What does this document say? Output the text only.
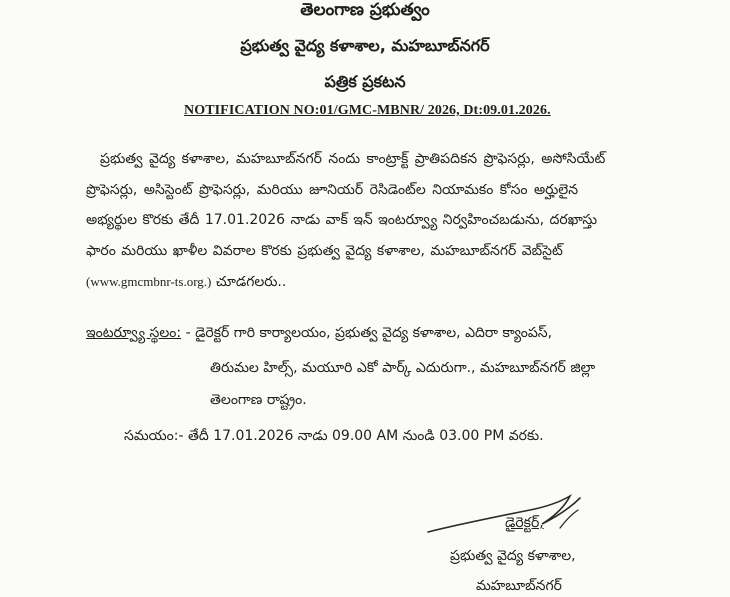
తెలంగాణ ప్రభుత్వం
ప్రభుత్వ వైద్య కళాశాల, మహబూబ్‌నగర్
పత్రిక ప్రకటన
NOTIFICATION NO:01/GMC-MBNR/ 2026, Dt:09.01.2026.
ప్రభుత్వ వైద్య కళాశాల, మహబూబ్‌నగర్ నందు కాంట్రాక్ట్ ప్రాతిపదికన ప్రొఫెసర్లు, అసోసియేట్
ప్రొఫెసర్లు, అసిస్టెంట్ ప్రొఫెసర్లు, మరియు జూనియర్ రెసిడెంట్‌ల నియామకం కోసం అర్హులైన
అభ్యర్థుల కొరకు తేదీ 17.01.2026 నాడు వాక్ ఇన్ ఇంటర్వ్యూ నిర్వహించబడును, దరఖాస్తు
ఫారం మరియు ఖాళీల వివరాల కొరకు ప్రభుత్వ వైద్య కళాశాల, మహబూబ్‌నగర్ వెబ్‌సైట్
(www.gmcmbnr-ts.org.) చూడగలరు..
ఇంటర్వ్యూ స్థలం: - డైరెక్టర్ గారి కార్యాలయం, ప్రభుత్వ వైద్య కళాశాల, ఎదిరా క్యాంపస్,
తిరుమల హిల్స్, మయూరి ఎకో పార్క్ ఎదురుగా., మహబూబ్‌నగర్ జిల్లా
తెలంగాణ రాష్ట్రం.
సమయం:- తేదీ 17.01.2026 నాడు 09.00 AM నుండి 03.00 PM వరకు.
డైరెక్టర్,
ప్రభుత్వ వైద్య కళాశాల,
మహబూబ్‌నగర్
